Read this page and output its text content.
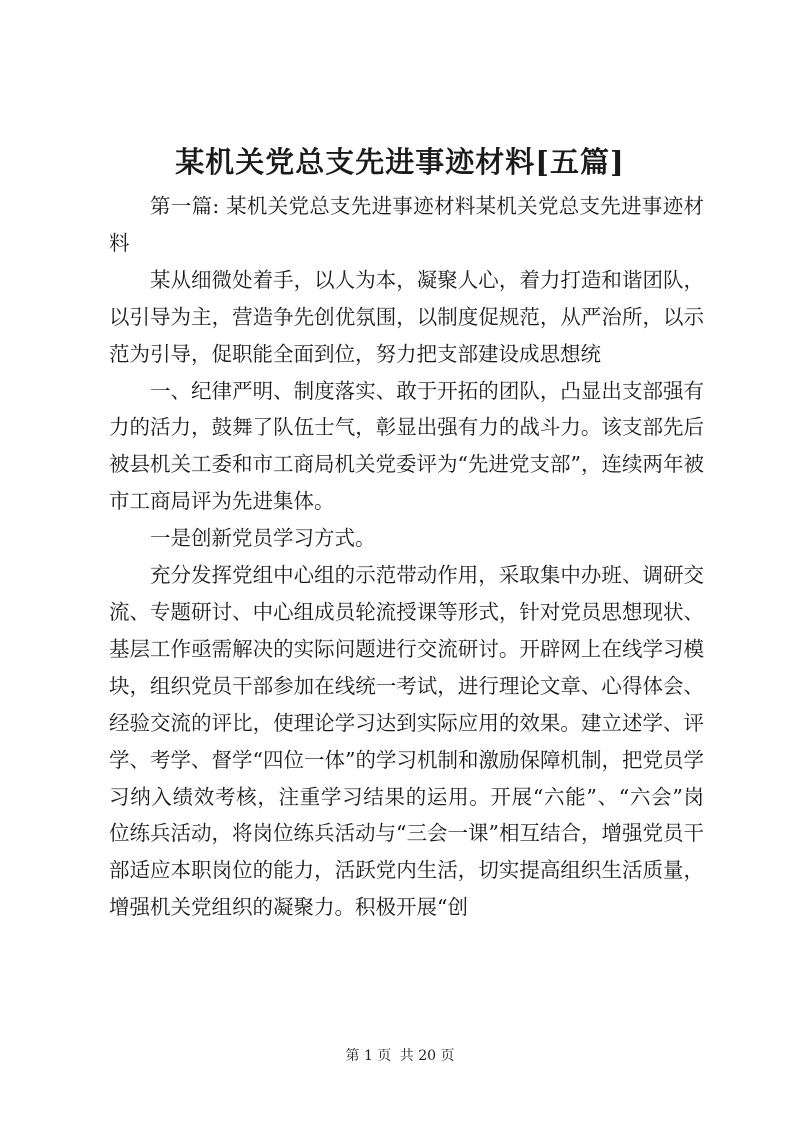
某机关党总支先进事迹材料[五篇]

第一篇: 某机关党总支先进事迹材料某机关党总支先进事迹材料

某从细微处着手，以人为本，凝聚人心，着力打造和谐团队，以引导为主，营造争先创优氛围，以制度促规范，从严治所，以示范为引导，促职能全面到位，努力把支部建设成思想统

一、纪律严明、制度落实、敢于开拓的团队，凸显出支部强有力的活力，鼓舞了队伍士气，彰显出强有力的战斗力。该支部先后被县机关工委和市工商局机关党委评为“先进党支部”，连续两年被市工商局评为先进集体。

一是创新党员学习方式。

充分发挥党组中心组的示范带动作用，采取集中办班、调研交流、专题研讨、中心组成员轮流授课等形式，针对党员思想现状、基层工作亟需解决的实际问题进行交流研讨。开辟网上在线学习模块，组织党员干部参加在线统一考试，进行理论文章、心得体会、经验交流的评比，使理论学习达到实际应用的效果。建立述学、评学、考学、督学“四位一体”的学习机制和激励保障机制，把党员学习纳入绩效考核，注重学习结果的运用。开展“六能”、“六会”岗位练兵活动，将岗位练兵活动与“三会一课”相互结合，增强党员干部适应本职岗位的能力，活跃党内生活，切实提高组织生活质量，增强机关党组织的凝聚力。积极开展“创

第 1 页 共 20 页
